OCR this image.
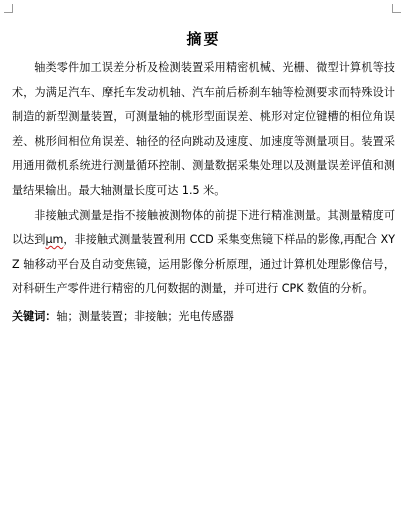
摘要

轴类零件加工误差分析及检测装置采用精密机械、光栅、微型计算机等技术，为满足汽车、摩托车发动机轴、汽车前后桥刹车轴等检测要求而特殊设计制造的新型测量装置，可测量轴的桃形型面误差、桃形对定位键槽的相位角误差、桃形间相位角误差、轴径的径向跳动及速度、加速度等测量项目。装置采用通用微机系统进行测量循环控制、测量数据采集处理以及测量误差评值和测量结果输出。最大轴测量长度可达 1.5 米。

非接触式测量是指不接触被测物体的前提下进行精准测量。其测量精度可以达到μm，非接触式测量装置利用 CCD 采集变焦镜下样品的影像,再配合 XYZ 轴移动平台及自动变焦镜，运用影像分析原理，通过计算机处理影像信号，对科研生产零件进行精密的几何数据的测量，并可进行 CPK 数值的分析。

关键词：轴；测量装置；非接触；光电传感器
